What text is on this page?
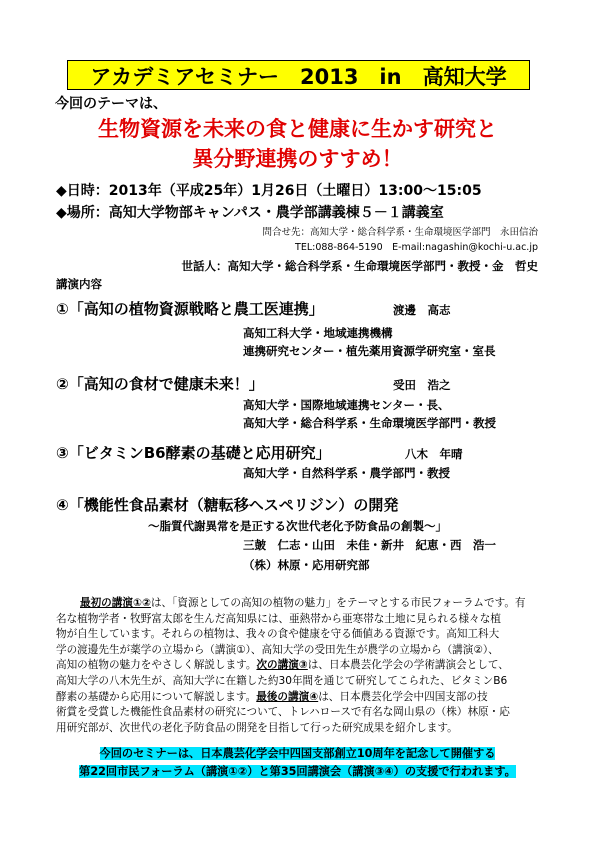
アカデミアセミナー　2013　in　高知大学
今回のテーマは、
生物資源を未来の食と健康に生かす研究と
異分野連携のすすめ！
◆日時：2013年（平成25年）1月26日（土曜日）13:00〜15:05
◆場所：高知大学物部キャンパス・農学部講義棟５－１講義室
問合せ先：高知大学・総合科学系・生命環境医学部門　永田信治
TEL:088-864-5190　E-mail:nagashin@kochi-u.ac.jp
世話人：高知大学・総合科学系・生命環境医学部門・教授・金　哲史
講演内容
①「高知の植物資源戦略と農工医連携」	渡邊　高志
高知工科大学・地域連携機構
連携研究センター・植先薬用資源学研究室・室長
②「高知の食材で健康未来！」	受田　浩之
高知大学・国際地域連携センター・長、
高知大学・総合科学系・生命環境医学部門・教授
③「ビタミンB6酵素の基礎と応用研究」	八木　年晴
高知大学・自然科学系・農学部門・教授
④「機能性食品素材（糖転移ヘスペリジン）の開発
〜脂質代謝異常を是正する次世代老化予防食品の創製〜」
三皷　仁志・山田　未佳・新井　紀恵・西　浩一
（株）林原・応用研究部
最初の講演①②は、「資源としての高知の植物の魅力」をテーマとする市民フォーラムです。有
名な植物学者・牧野富太郎を生んだ高知県には、亜熱帯から亜寒帯な土地に見られる様々な植
物が自生しています。それらの植物は、我々の食や健康を守る価値ある資源です。高知工科大
学の渡邊先生が薬学の立場から（講演①）、高知大学の受田先生が農学の立場から（講演②）、
高知の植物の魅力をやさしく解説します。次の講演③は、日本農芸化学会の学術講演会として、
高知大学の八木先生が、高知大学に在籍した約30年間を通じて研究してこられた、ビタミンB6
酵素の基礎から応用について解説します。最後の講演④は、日本農芸化学会中四国支部の技
術賞を受賞した機能性食品素材の研究について、トレハロースで有名な岡山県の（株）林原・応
用研究部が、次世代の老化予防食品の開発を目指して行った研究成果を紹介します。
今回のセミナーは、日本農芸化学会中四国支部創立10周年を記念して開催する
第22回市民フォーラム（講演①②）と第35回講演会（講演③④）の支援で行われます。
